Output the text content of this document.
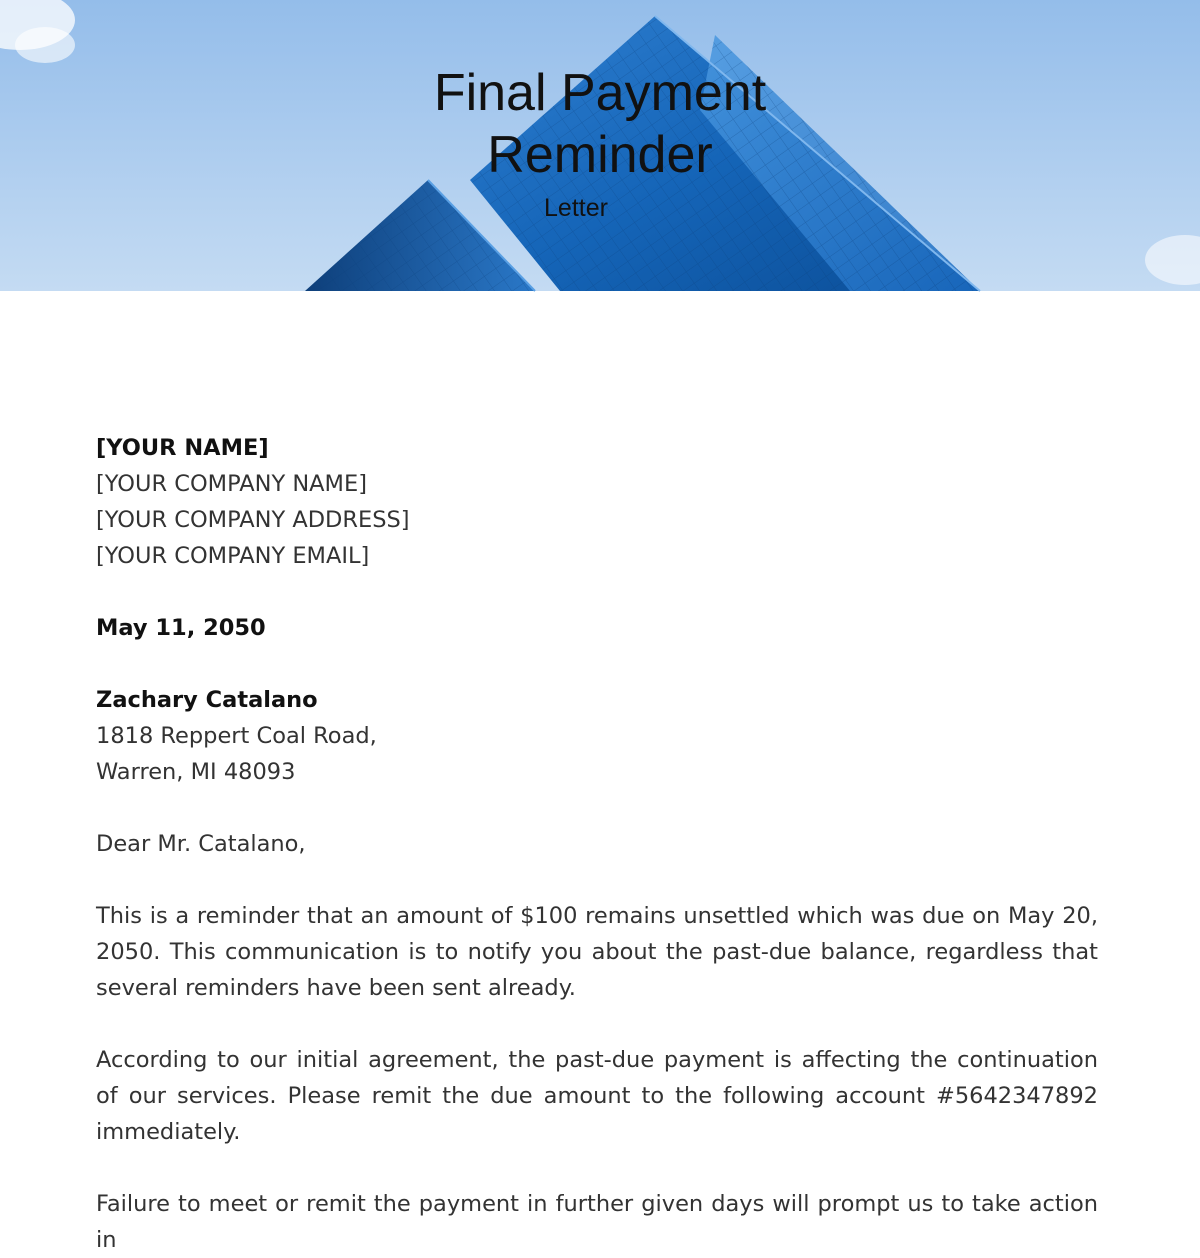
Final Payment
Reminder
Letter
[YOUR NAME]
[YOUR COMPANY NAME]
[YOUR COMPANY ADDRESS]
[YOUR COMPANY EMAIL]
May 11, 2050
Zachary Catalano
1818 Reppert Coal Road,
Warren, MI 48093
Dear Mr. Catalano,

This is a reminder that an amount of $100 remains unsettled which was due on May 20, 2050. This communication is to notify you about the past-due balance, regardless that several reminders have been sent already.

According to our initial agreement, the past-due payment is affecting the continuation of our services. Please remit the due amount to the following account #5642347892 immediately.

Failure to meet or remit the payment in further given days will prompt us to take action in
